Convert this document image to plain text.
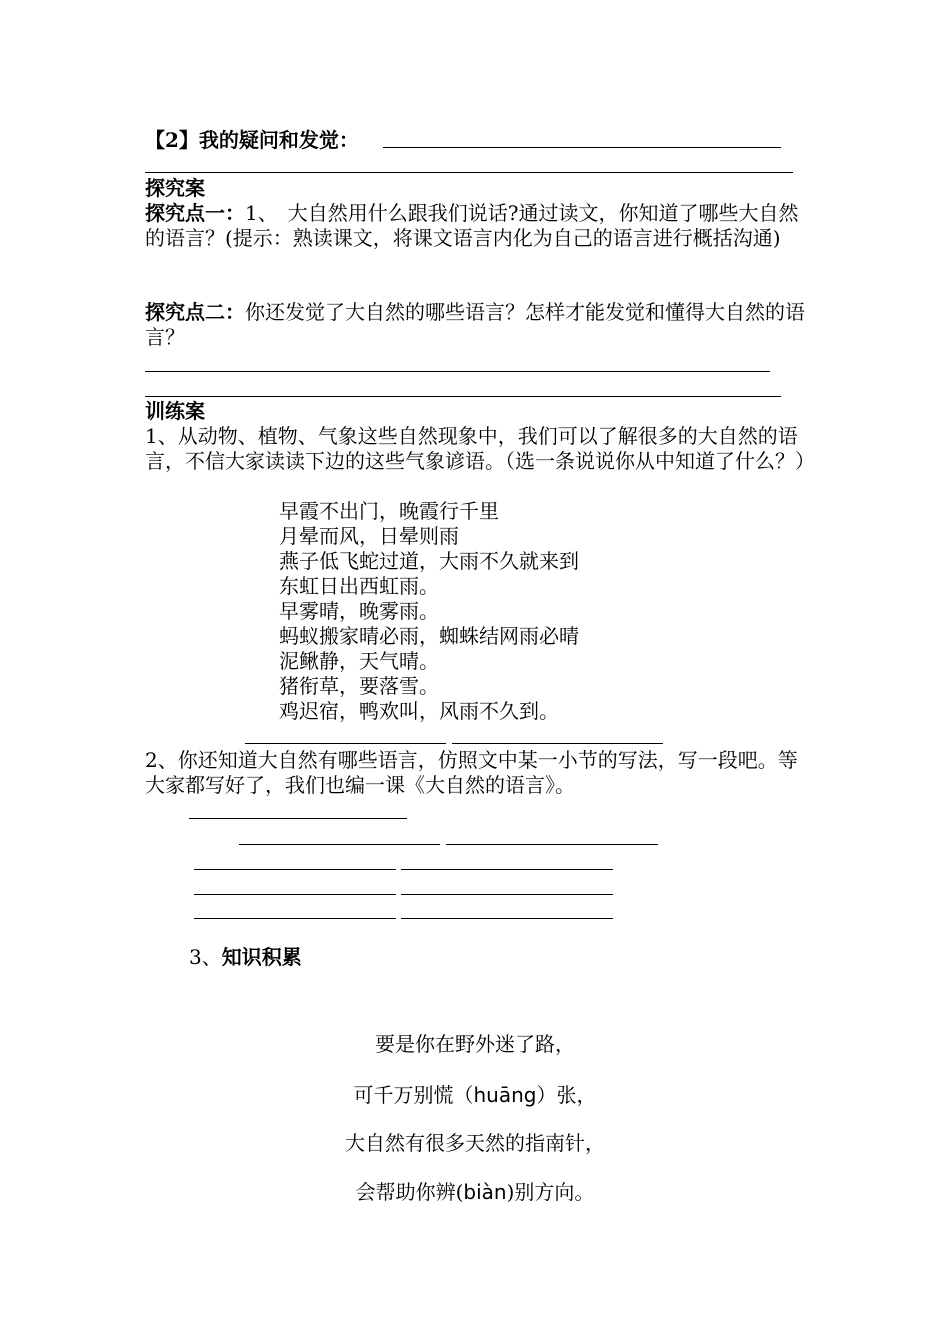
【2】我的疑问和发觉：
探究案
探究点一：1、　大自然用什么跟我们说话?通过读文，你知道了哪些大自然的语言？(提示：熟读课文，将课文语言内化为自己的语言进行概括沟通)
探究点二：你还发觉了大自然的哪些语言？怎样才能发觉和懂得大自然的语言？
训练案
1、从动物、植物、气象这些自然现象中，我们可以了解很多的大自然的语言，不信大家读读下边的这些气象谚语。（选一条说说你从中知道了什么？）
早霞不出门，晚霞行千里
月晕而风，日晕则雨
燕子低飞蛇过道，大雨不久就来到
东虹日出西虹雨。
早雾晴，晚雾雨。
蚂蚁搬家晴必雨，蜘蛛结网雨必晴
泥鳅静，天气晴。
猪衔草，要落雪。
鸡迟宿，鸭欢叫，风雨不久到。
2、你还知道大自然有哪些语言，仿照文中某一小节的写法，写一段吧。等大家都写好了，我们也编一课《大自然的语言》。
3、知识积累
要是你在野外迷了路，
可千万别慌（huāng）张，
大自然有很多天然的指南针，
会帮助你辨(biàn)别方向。
